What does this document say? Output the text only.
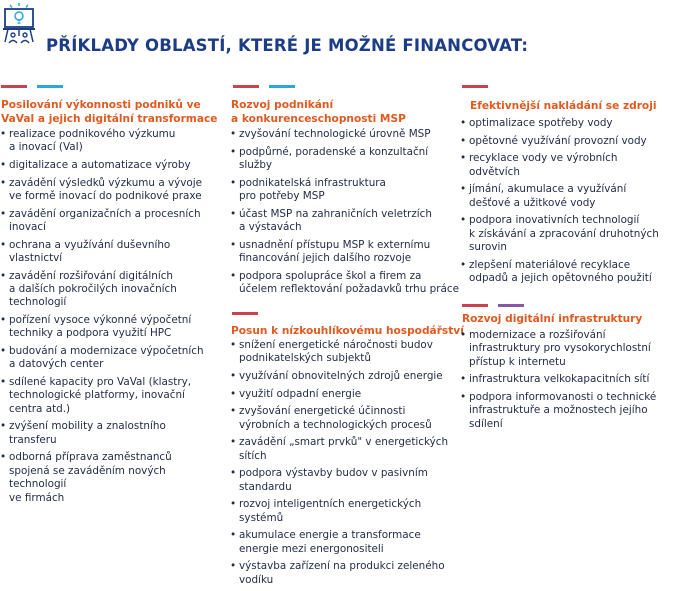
PŘÍKLADY OBLASTÍ, KTERÉ JE MOŽNÉ FINANCOVAT:
Posilování výkonnosti podniků ve
VaVal a jejich digitální transformace
• realizace podnikového výzkumu
a inovací (VaI)
• digitalizace a automatizace výroby
• zavádění výsledků výzkumu a vývoje
ve formě inovací do podnikové praxe
• zavádění organizačních a procesních
inovací
• ochrana a využívání duševního
vlastnictví
• zavádění rozšiřování digitálních
a dalších pokročilých inovačních
technologií
• pořízení vysoce výkonné výpočetní
techniky a podpora využití HPC
• budování a modernizace výpočetních
a datových center
• sdílené kapacity pro VaVal (klastry,
technologické platformy, inovační
centra atd.)
• zvýšení mobility a znalostního
transferu
• odborná příprava zaměstnanců
spojená se zaváděním nových
technologií
ve firmách
Rozvoj podnikání
a konkurenceschopnosti MSP
• zvyšování technologické úrovně MSP
• podpůrné, poradenské a konzultační
služby
• podnikatelská infrastruktura
pro potřeby MSP
• účast MSP na zahraničních veletrzích
a výstavách
• usnadnění přístupu MSP k externímu
financování jejich dalšího rozvoje
• podpora spolupráce škol a firem za
účelem reflektování požadavků trhu práce
Posun k nízkouhlíkovému hospodářství
• snížení energetické náročnosti budov
podnikatelských subjektů
• využívání obnovitelných zdrojů energie
• využití odpadní energie
• zvyšování energetické účinnosti
výrobních a technologických procesů
• zavádění „smart prvků" v energetických
sítích
• podpora výstavby budov v pasivním
standardu
• rozvoj inteligentních energetických
systémů
• akumulace energie a transformace
energie mezi energonositeli
• výstavba zařízení na produkci zeleného
vodíku
Efektivnější nakládání se zdroji
• optimalizace spotřeby vody
• opětovné využívání provozní vody
• recyklace vody ve výrobních
odvětvích
• jímání, akumulace a využívání
dešťové a užitkové vody
• podpora inovativních technologií
k získávání a zpracování druhotných
surovin
• zlepšení materiálové recyklace
odpadů a jejich opětovného použití
Rozvoj digitální infrastruktury
• modernizace a rozšiřování
infrastruktury pro vysokorychlostní
přístup k internetu
• infrastruktura velkokapacitních sítí
• podpora informovanosti o technické
infrastruktuře a možnostech jejího
sdílení
